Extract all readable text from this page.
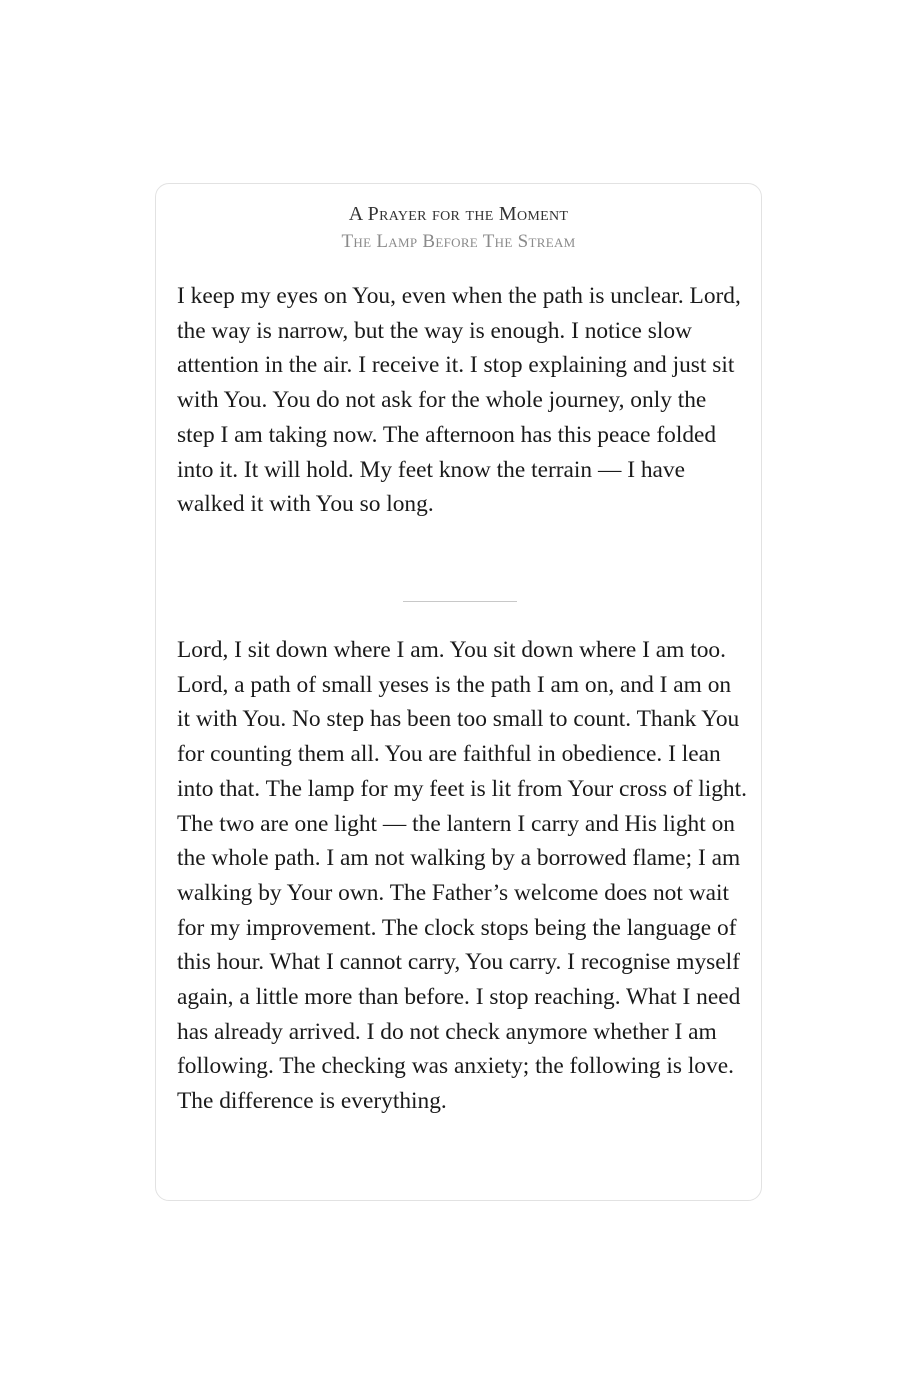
A Prayer for the Moment
The Lamp Before The Stream

I keep my eyes on You, even when the path is unclear. Lord, the way is narrow, but the way is enough. I notice slow attention in the air. I receive it. I stop explaining and just sit with You. You do not ask for the whole journey, only the step I am taking now. The afternoon has this peace folded into it. It will hold. My feet know the terrain — I have walked it with You so long.

Lord, I sit down where I am. You sit down where I am too. Lord, a path of small yeses is the path I am on, and I am on it with You. No step has been too small to count. Thank You for counting them all. You are faithful in obedience. I lean into that. The lamp for my feet is lit from Your cross of light. The two are one light — the lantern I carry and His light on the whole path. I am not walking by a borrowed flame; I am walking by Your own. The Father’s welcome does not wait for my improvement. The clock stops being the language of this hour. What I cannot carry, You carry. I recognise myself again, a little more than before. I stop reaching. What I need has already arrived. I do not check anymore whether I am following. The checking was anxiety; the following is love. The difference is everything.
